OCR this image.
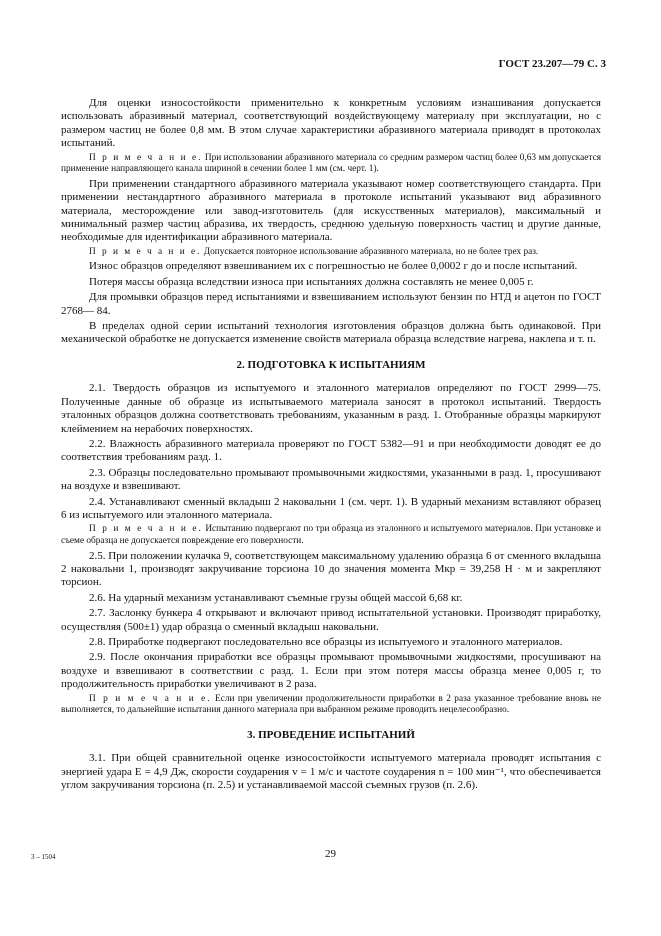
ГОСТ 23.207—79 С. 3

Для оценки износостойкости применительно к конкретным условиям изнашивания допускается использовать абразивный материал, соответствующий воздействующему материалу при эксплуатации, но с размером частиц не более 0,8 мм. В этом случае характеристики абразивного материала приводят в протоколах испытаний.

П р и м е ч а н и е. При использовании абразивного материала со средним размером частиц более 0,63 мм допускается применение направляющего канала шириной в сечении более 1 мм (см. черт. 1).

При применении стандартного абразивного материала указывают номер соответствующего стандарта. При применении нестандартного абразивного материала в протоколе испытаний указывают вид абразивного материала, месторождение или завод-изготовитель (для искусственных материалов), максимальный и минимальный размер частиц абразива, их твердость, среднюю удельную поверхность частиц и другие данные, необходимые для идентификации абразивного материала.

П р и м е ч а н и е. Допускается повторное использование абразивного материала, но не более трех раз.

Износ образцов определяют взвешиванием их с погрешностью не более 0,0002 г до и после испытаний.

Потеря массы образца вследствии износа при испытаниях должна составлять не менее 0,005 г.

Для промывки образцов перед испытаниями и взвешиванием используют бензин по НТД и ацетон по ГОСТ 2768— 84.

В пределах одной серии испытаний технология изготовления образцов должна быть одинаковой. При механической обработке не допускается изменение свойств материала образца вследствие нагрева, наклепа и т. п.

2. ПОДГОТОВКА К ИСПЫТАНИЯМ

2.1. Твердость образцов из испытуемого и эталонного материалов определяют по ГОСТ 2999—75. Полученные данные об образце из испытываемого материала заносят в протокол испытаний. Твердость эталонных образцов должна соответствовать требованиям, указанным в разд. 1. Отобранные образцы маркируют клеймением на нерабочих поверхностях.

2.2. Влажность абразивного материала проверяют по ГОСТ 5382—91 и при необходимости доводят ее до соответствия требованиям разд. 1.

2.3. Образцы последовательно промывают промывочными жидкостями, указанными в разд. 1, просушивают на воздухе и взвешивают.

2.4. Устанавливают сменный вкладыш 2 наковальни 1 (см. черт. 1). В ударный механизм вставляют образец 6 из испытуемого или эталонного материала.

П р и м е ч а н и е. Испытанию подвергают по три образца из эталонного и испытуемого материалов. При установке и съеме образца не допускается повреждение его поверхности.

2.5. При положении кулачка 9, соответствующем максимальному удалению образца 6 от сменного вкладыша 2 наковальни 1, производят закручивание торсиона 10 до значения момента Мкр = 39,258 Н · м и закрепляют торсион.

2.6. На ударный механизм устанавливают съемные грузы общей массой 6,68 кг.

2.7. Заслонку бункера 4 открывают и включают привод испытательной установки. Производят приработку, осуществляя (500±1) удар образца о сменный вкладыш наковальни.

2.8. Приработке подвергают последовательно все образцы из испытуемого и эталонного материалов.

2.9. После окончания приработки все образцы промывают промывочными жидкостями, просушивают на воздухе и взвешивают в соответствии с разд. 1. Если при этом потеря массы образца менее 0,005 г, то продолжительность приработки увеличивают в 2 раза.

П р и м е ч а н и е. Если при увеличении продолжительности приработки в 2 раза указанное требование вновь не выполняется, то дальнейшие испытания данного материала при выбранном режиме проводить нецелесообразно.

3. ПРОВЕДЕНИЕ ИСПЫТАНИЙ

3.1. При общей сравнительной оценке износостойкости испытуемого материала проводят испытания с энергией удара Е = 4,9 Дж, скорости соударения v = 1 м/с и частоте соударения n = 100 мин⁻¹, что обеспечивается углом закручивания торсиона (п. 2.5) и устанавливаемой массой съемных грузов (п. 2.6).

3 – 1504	29
